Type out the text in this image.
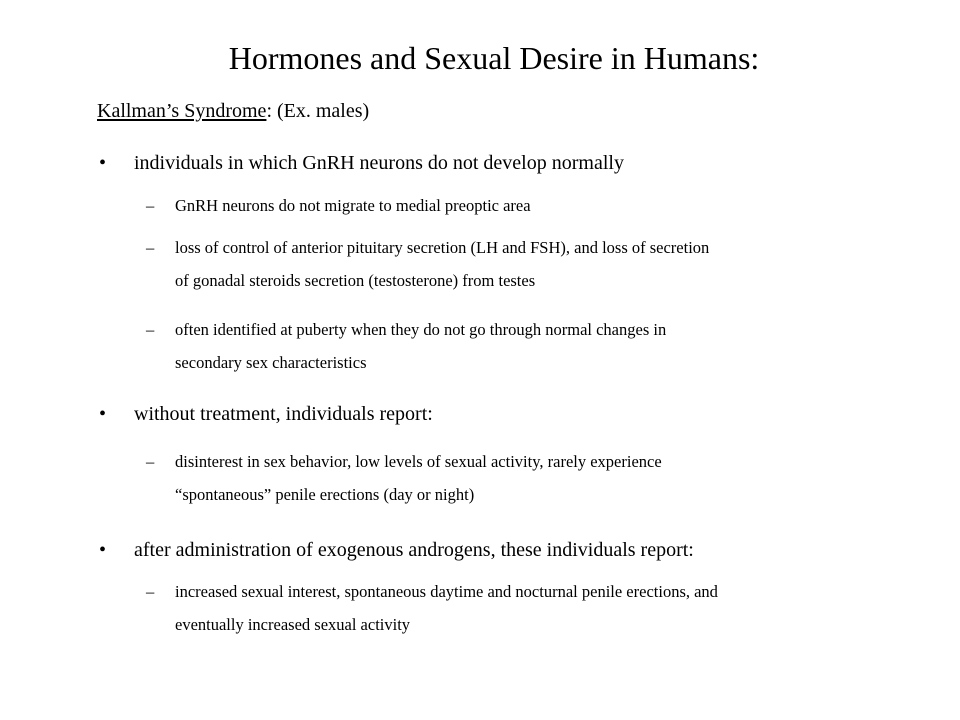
Hormones and Sexual Desire in Humans:
Kallman’s Syndrome: (Ex. males)
• individuals in which GnRH neurons do not develop normally
– GnRH neurons do not migrate to medial preoptic area
– loss of control of anterior pituitary secretion (LH and FSH), and loss of secretion
of gonadal steroids secretion (testosterone) from testes
– often identified at puberty when they do not go through normal changes in
secondary sex characteristics
• without treatment, individuals report:
– disinterest in sex behavior, low levels of sexual activity, rarely experience
“spontaneous” penile erections (day or night)
• after administration of exogenous androgens, these individuals report:
– increased sexual interest, spontaneous daytime and nocturnal penile erections, and
eventually increased sexual activity
